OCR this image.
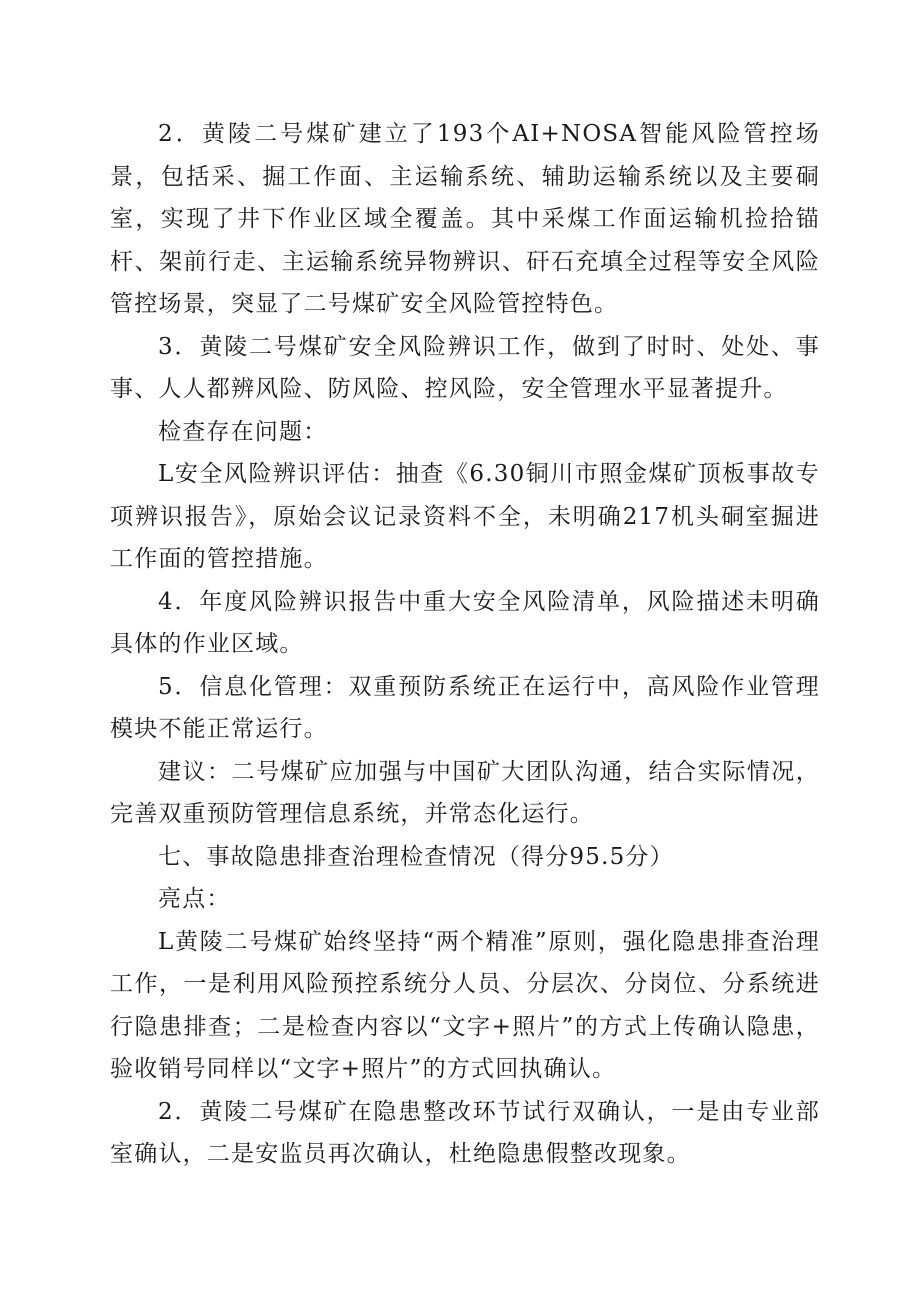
2．黄陵二号煤矿建立了193个AI+NOSA智能风险管控场景，包括采、掘工作面、主运输系统、辅助运输系统以及主要硐室，实现了井下作业区域全覆盖。其中采煤工作面运输机捡拾锚杆、架前行走、主运输系统异物辨识、矸石充填全过程等安全风险管控场景，突显了二号煤矿安全风险管控特色。

3．黄陵二号煤矿安全风险辨识工作，做到了时时、处处、事事、人人都辨风险、防风险、控风险，安全管理水平显著提升。

检查存在问题：

L安全风险辨识评估：抽查《6.30铜川市照金煤矿顶板事故专项辨识报告》，原始会议记录资料不全，未明确217机头硐室掘进工作面的管控措施。

4．年度风险辨识报告中重大安全风险清单，风险描述未明确具体的作业区域。

5．信息化管理：双重预防系统正在运行中，高风险作业管理模块不能正常运行。

建议：二号煤矿应加强与中国矿大团队沟通，结合实际情况，完善双重预防管理信息系统，并常态化运行。

七、事故隐患排查治理检查情况（得分95.5分）

亮点：

L黄陵二号煤矿始终坚持“两个精准”原则，强化隐患排查治理工作，一是利用风险预控系统分人员、分层次、分岗位、分系统进行隐患排查；二是检查内容以“文字+照片”的方式上传确认隐患，验收销号同样以“文字+照片”的方式回执确认。

2．黄陵二号煤矿在隐患整改环节试行双确认，一是由专业部室确认，二是安监员再次确认，杜绝隐患假整改现象。
